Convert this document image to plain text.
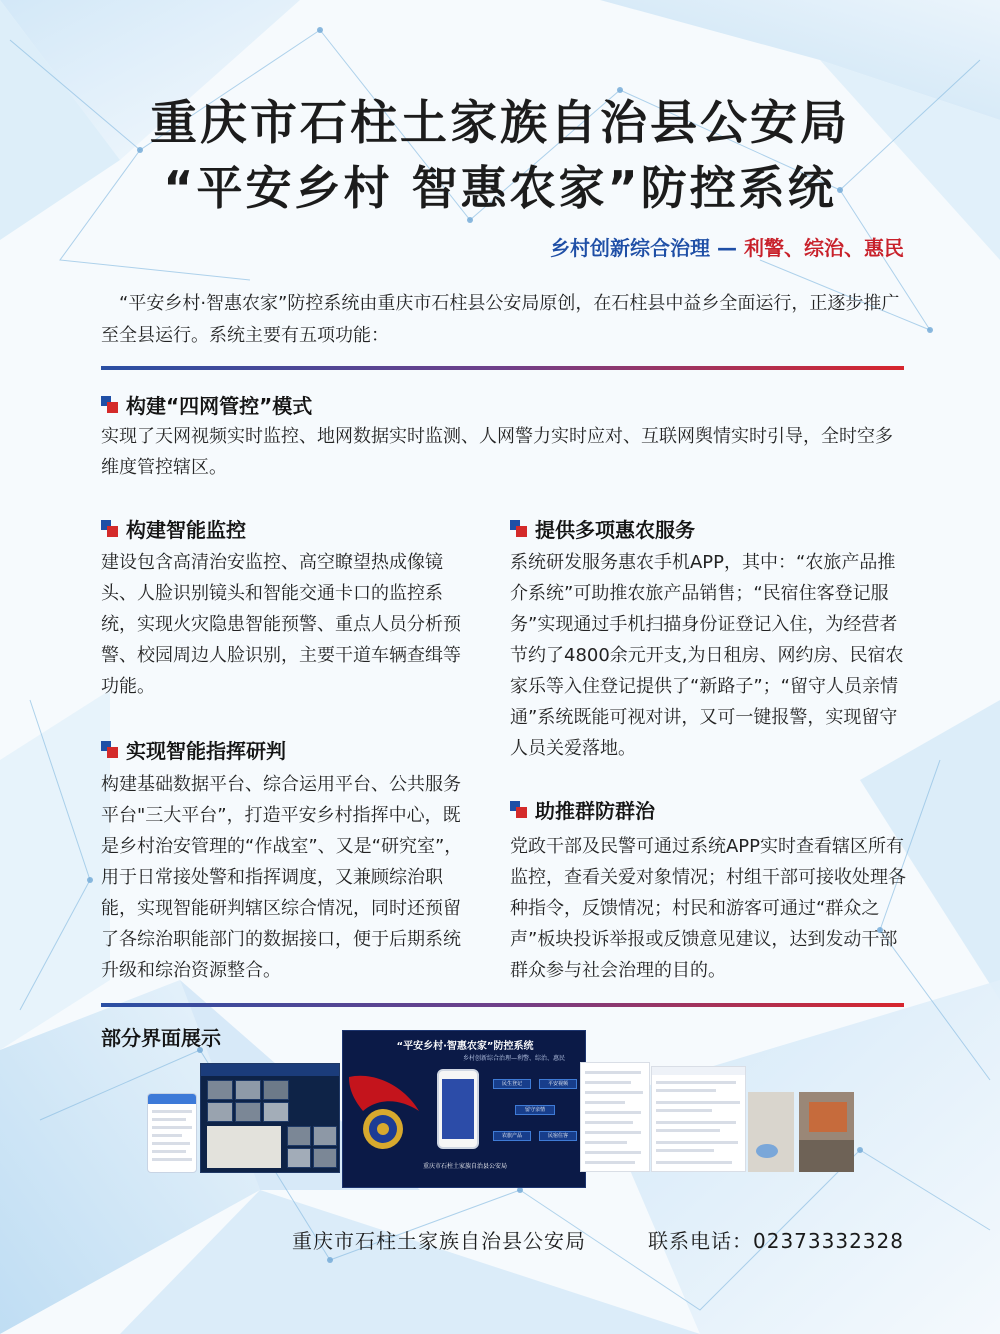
重庆市石柱土家族自治县公安局
“平安乡村 智惠农家”防控系统
乡村创新综合治理 — 利警、综治、惠民
“平安乡村·智惠农家”防控系统由重庆市石柱县公安局原创，在石柱县中益乡全面运行，正逐步推广至全县运行。系统主要有五项功能：
构建“四网管控”模式
实现了天网视频实时监控、地网数据实时监测、人网警力实时应对、互联网舆情实时引导，全时空多维度管控辖区。
构建智能监控
建设包含高清治安监控、高空瞭望热成像镜头、人脸识别镜头和智能交通卡口的监控系统，实现火灾隐患智能预警、重点人员分析预警、校园周边人脸识别，主要干道车辆查缉等功能。
实现智能指挥研判
构建基础数据平台、综合运用平台、公共服务平台"三大平台”，打造平安乡村指挥中心，既是乡村治安管理的“作战室”、又是“研究室”，用于日常接处警和指挥调度，又兼顾综治职能，实现智能研判辖区综合情况，同时还预留了各综治职能部门的数据接口，便于后期系统升级和综治资源整合。
提供多项惠农服务
系统研发服务惠农手机APP，其中：“农旅产品推介系统”可助推农旅产品销售；“民宿住客登记服务”实现通过手机扫描身份证登记入住，为经营者节约了4800余元开支,为日租房、网约房、民宿农家乐等入住登记提供了“新路子”；“留守人员亲情通”系统既能可视对讲，又可一键报警，实现留守人员关爱落地。
助推群防群治
党政干部及民警可通过系统APP实时查看辖区所有监控，查看关爱对象情况；村组干部可接收处理各种指令，反馈情况；村民和游客可通过“群众之声”板块投诉举报或反馈意见建议，达到发动干部群众参与社会治理的目的。
部分界面展示	“平安乡村·智惠农家”防控系统
乡村创新综合治理—利警、综治、惠民
民生登记	平安视频
留守亲情
农旅产品	民宿住客
重庆市石柱土家族自治县公安局
重庆市石柱土家族自治县公安局	联系电话：02373332328
